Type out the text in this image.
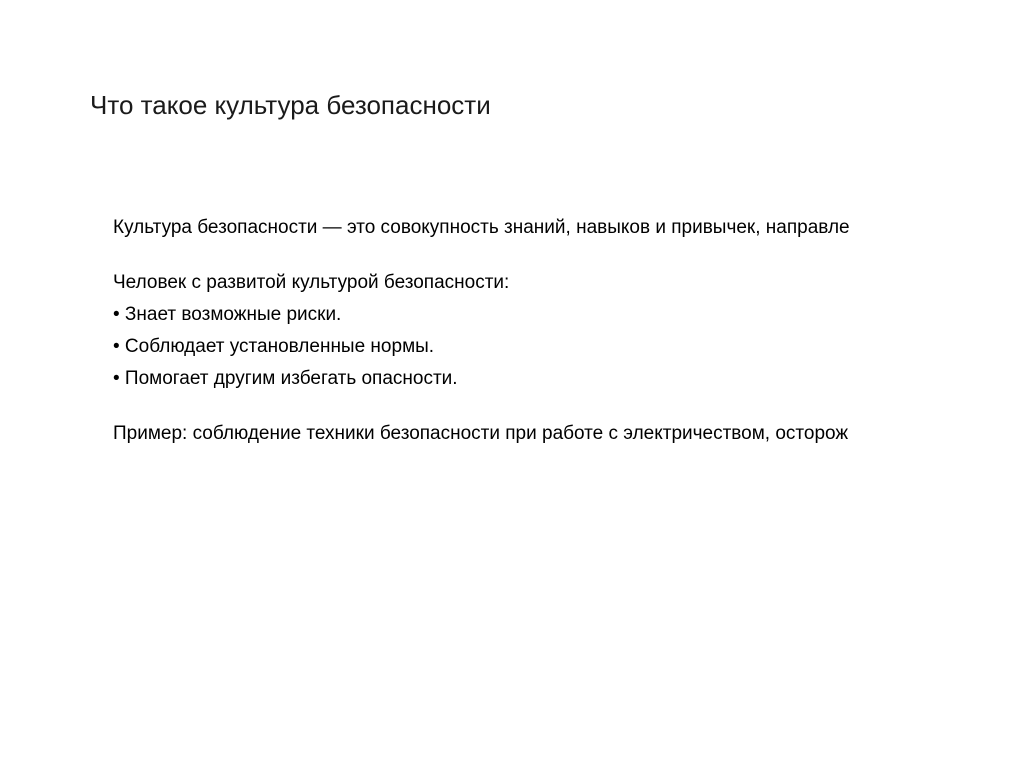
Что такое культура безопасности
Культура безопасности — это совокупность знаний, навыков и привычек, направле
Человек с развитой культурой безопасности:
• Знает возможные риски.
• Соблюдает установленные нормы.
• Помогает другим избегать опасности.
Пример: соблюдение техники безопасности при работе с электричеством, осторож
